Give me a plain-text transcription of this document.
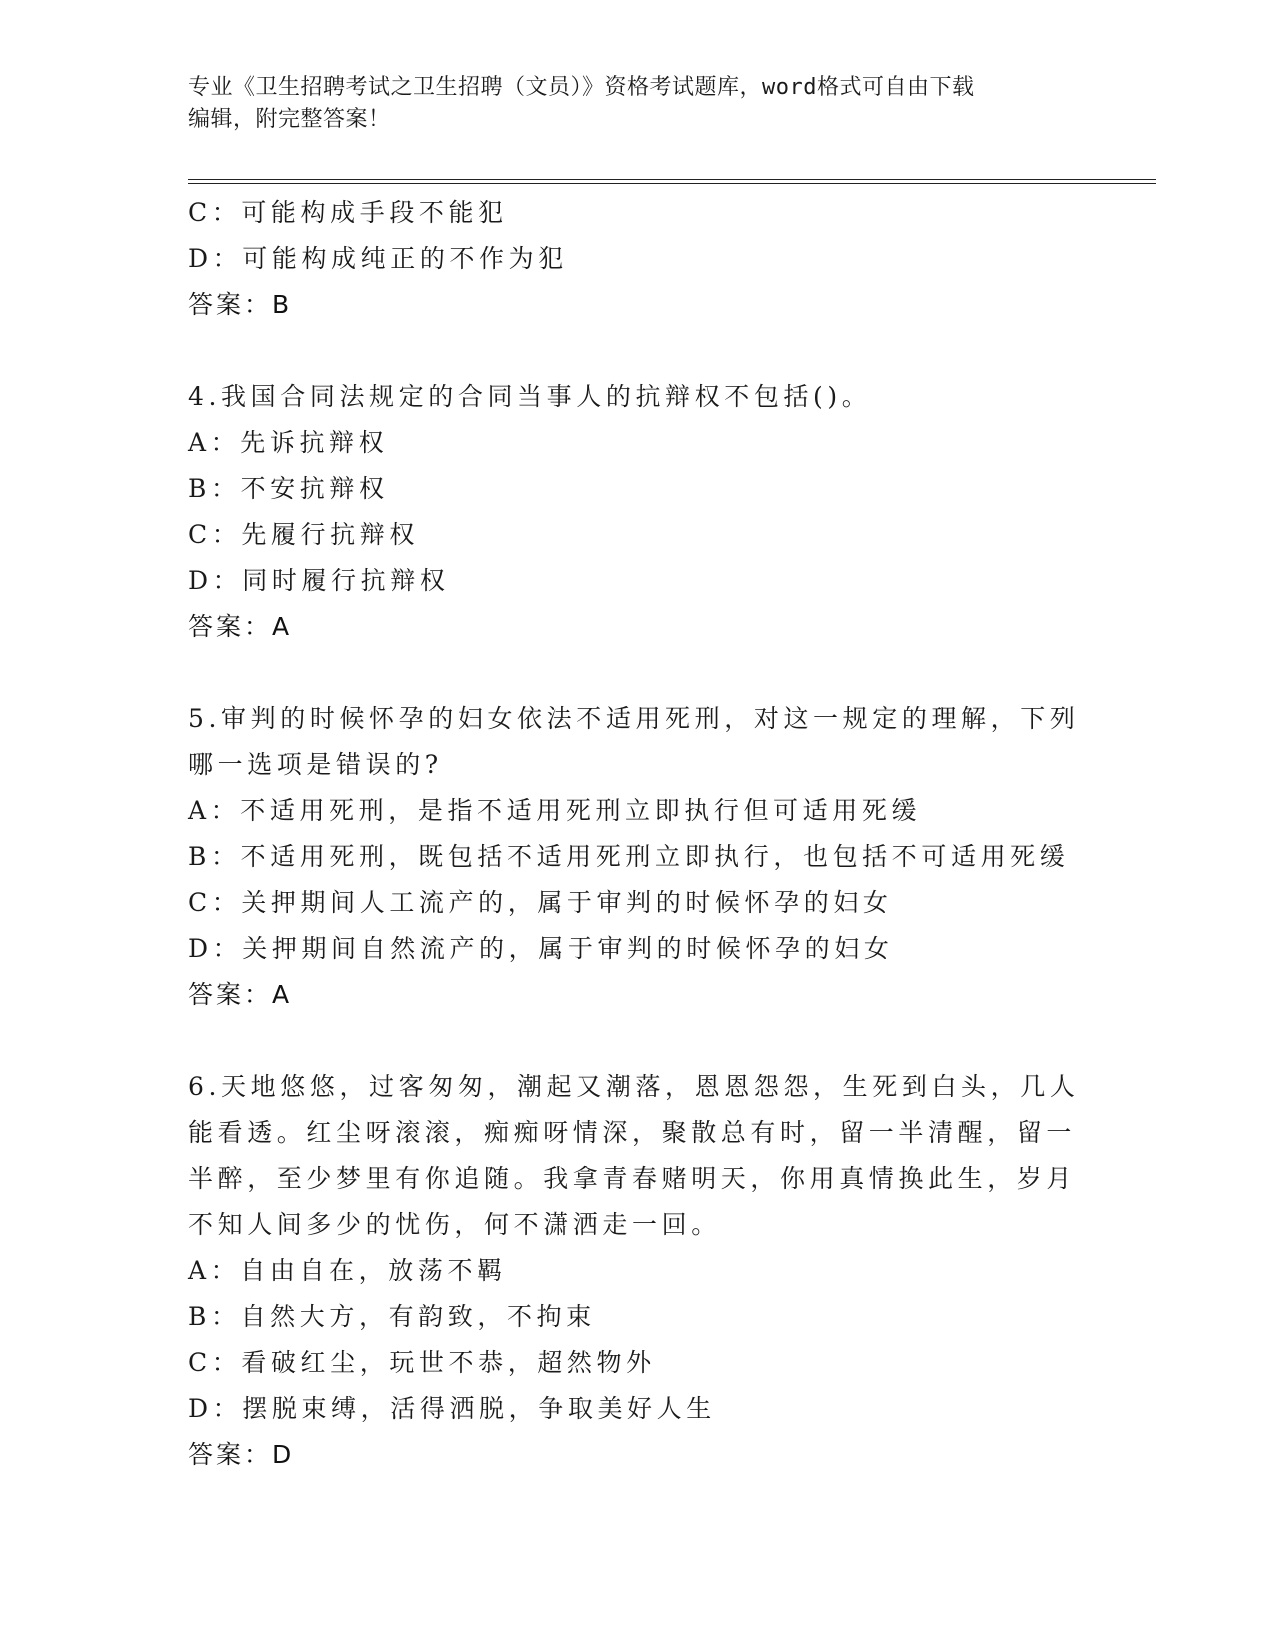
专业《卫生招聘考试之卫生招聘（文员）》资格考试题库，word格式可自由下载
编辑，附完整答案！
C：可能构成手段不能犯
D：可能构成纯正的不作为犯
答案：B
4.我国合同法规定的合同当事人的抗辩权不包括()。
A：先诉抗辩权
B：不安抗辩权
C：先履行抗辩权
D：同时履行抗辩权
答案：A
5.审判的时候怀孕的妇女依法不适用死刑，对这一规定的理解，下列
哪一选项是错误的?
A：不适用死刑，是指不适用死刑立即执行但可适用死缓
B：不适用死刑，既包括不适用死刑立即执行，也包括不可适用死缓
C：关押期间人工流产的，属于审判的时候怀孕的妇女
D：关押期间自然流产的，属于审判的时候怀孕的妇女
答案：A
6.天地悠悠，过客匆匆，潮起又潮落，恩恩怨怨，生死到白头，几人
能看透。红尘呀滚滚，痴痴呀情深，聚散总有时，留一半清醒，留一
半醉，至少梦里有你追随。我拿青春赌明天，你用真情换此生，岁月
不知人间多少的忧伤，何不潇洒走一回。
A：自由自在，放荡不羁
B：自然大方，有韵致，不拘束
C：看破红尘，玩世不恭，超然物外
D：摆脱束缚，活得洒脱，争取美好人生
答案：D
